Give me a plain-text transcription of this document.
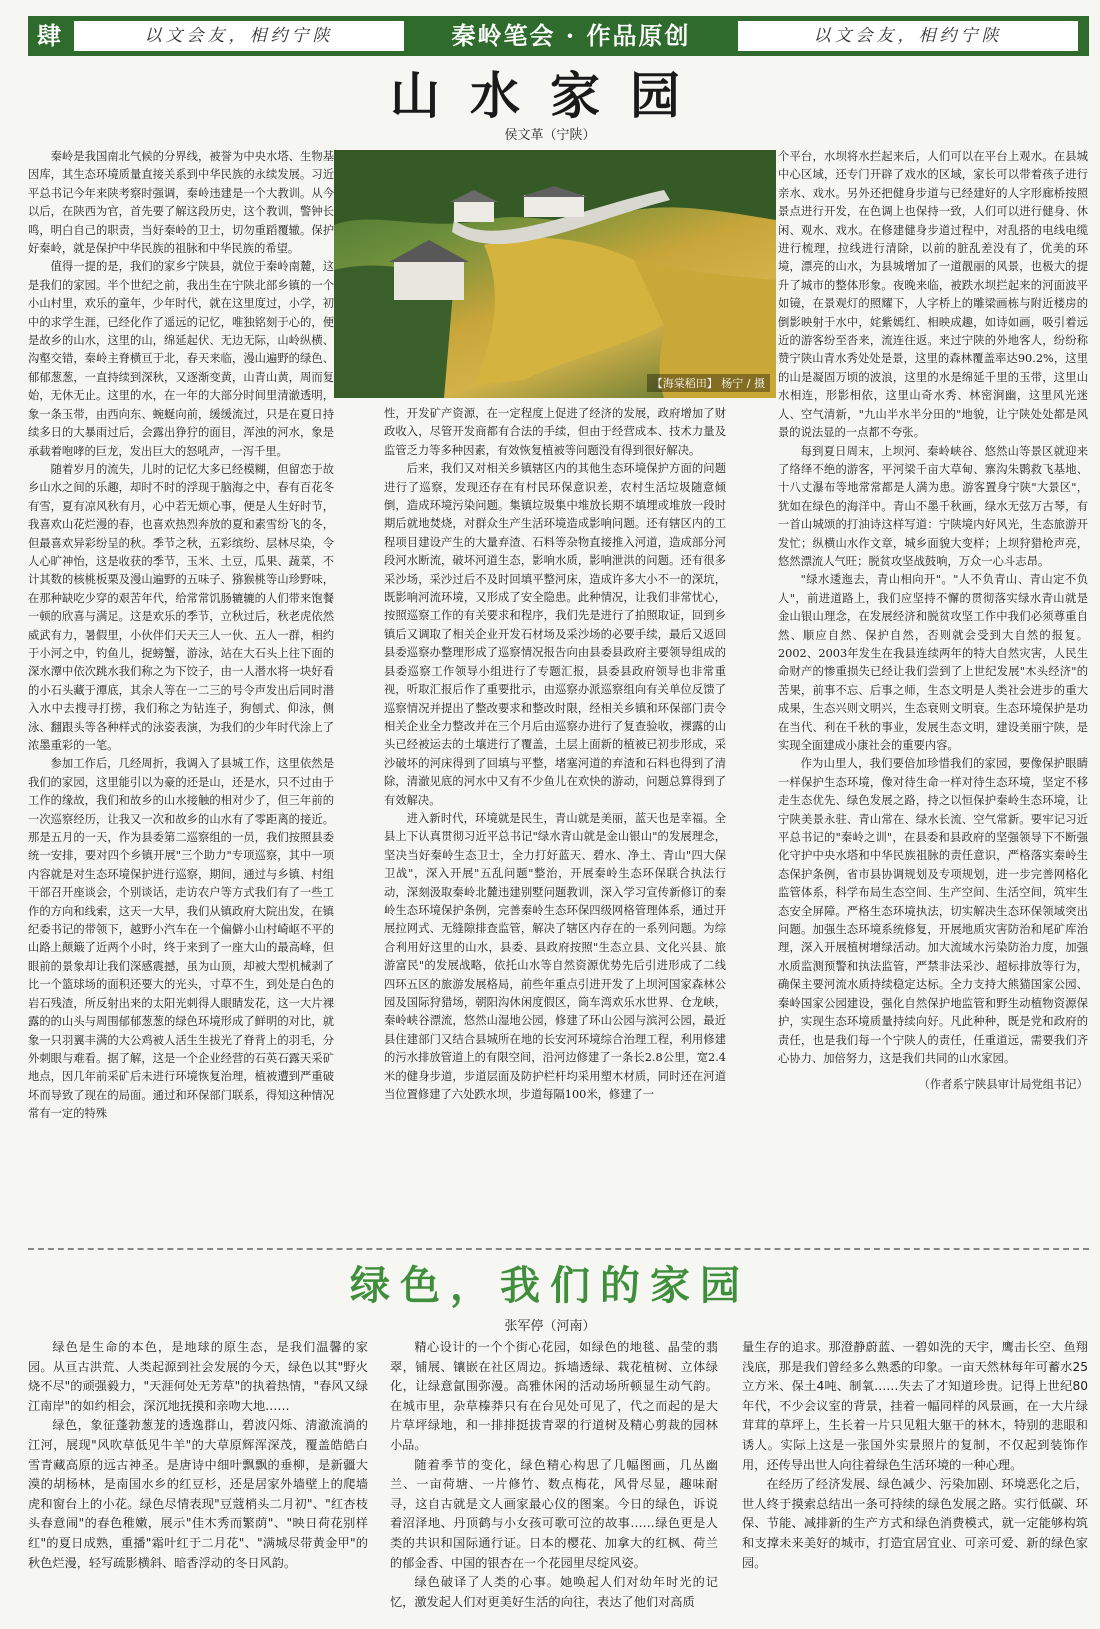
肆	以文会友，相约宁陕	秦岭笔会 · 作品原创	以文会友，相约宁陕
山水家园
侯文革（宁陕）
【海棠稻田】 杨宁 / 摄

秦岭是我国南北气候的分界线，被誉为中央水塔、生物基因库，其生态环境质量直接关系到中华民族的永续发展。习近平总书记今年来陕考察时强调，秦岭违建是一个大教训。从今以后，在陕西为官，首先要了解这段历史，这个教训，警钟长鸣，明白自己的职责，当好秦岭的卫士，切勿重蹈覆辙。保护好秦岭，就是保护中华民族的祖脉和中华民族的希望。

值得一提的是，我们的家乡宁陕县，就位于秦岭南麓，这是我们的家园。半个世纪之前，我出生在宁陕北部乡镇的一个小山村里，欢乐的童年，少年时代，就在这里度过，小学，初中的求学生涯，已经化作了遥远的记忆，唯独铭刻于心的，便是故乡的山水，这里的山，绵延起伏、无边无际，山岭纵横、沟壑交错，秦岭主脊横亘于北，春天来临，漫山遍野的绿色、郁郁葱葱，一直持续到深秋，又逐渐变黄，山青山黄，周而复始，无休无止。这里的水，在一年的大部分时间里清澈透明，象一条玉带，由西向东、蜿蜒向前，缓缓流过，只是在夏日持续多日的大暴雨过后，会露出狰狞的面目，浑浊的河水，象是承载着咆哮的巨龙，发出巨大的怒吼声，一泻千里。

随着岁月的流失，儿时的记忆大多已经模糊，但留恋于故乡山水之间的乐趣，却时不时的浮现于脑海之中，春有百花冬有雪，夏有凉风秋有月，心中若无烦心事，便是人生好时节，我喜欢山花烂漫的春，也喜欢热烈奔放的夏和素雪纷飞的冬，但最喜欢异彩纷呈的秋。季节之秋，五彩缤纷、层林尽染，令人心旷神怡，这是收获的季节，玉米、土豆，瓜果、蔬菜，不计其数的核桃板栗及漫山遍野的五味子、猕猴桃等山珍野味，在那种缺吃少穿的艰苦年代，给常常饥肠辘辘的人们带来饱餐一顿的欣喜与满足。这是欢乐的季节，立秋过后，秋老虎依然威武有力，暑假里，小伙伴们天天三人一伙、五人一群，相约于小河之中，钓鱼儿，捉螃蟹，游泳，站在大石头上往下面的深水潭中依次跳水我们称之为下饺子，由一人潜水将一块好看的小石头藏于潭底，其余人等在一二三的号令声发出后同时潜入水中去搜寻打捞，我们称之为钻连子，狗刨式、仰泳，侧泳、翻跟头等各种样式的泳姿表演，为我们的少年时代涂上了浓墨重彩的一笔。

参加工作后，几经周折，我调入了县城工作，这里依然是我们的家园，这里能引以为豪的还是山，还是水，只不过由于工作的缘故，我们和故乡的山水接触的相对少了，但三年前的一次巡察经历，让我又一次和故乡的山水有了零距离的接近。那是五月的一天，作为县委第二巡察组的一员，我们按照县委统一安排，要对四个乡镇开展"三个助力"专项巡察，其中一项内容就是对生态环境保护进行巡察，期间，通过与乡镇、村组干部召开座谈会，个别谈话，走访农户等方式我们有了一些工作的方向和线索，这天一大早，我们从镇政府大院出发，在镇纪委书记的带领下，越野小汽车在一个偏僻小山村崎岖不平的山路上颠簸了近两个小时，终于来到了一座大山的最高峰，但眼前的景象却让我们深感震撼，虽为山顶，却被大型机械剥了比一个篮球场的面积还要大的光头，寸草不生，到处是白色的岩石残渣，所反射出来的太阳光刺得人眼睛发花，这一大片裸露的的山头与周围郁郁葱葱的绿色环境形成了鲜明的对比，就象一只羽翼丰满的大公鸡被人活生生拔光了脊背上的羽毛，分外刺眼与难看。据了解，这是一个企业经营的石英石露天采矿地点，因几年前采矿后未进行环境恢复治理，植被遭到严重破坏而导致了现在的局面。通过和环保部门联系，得知这种情况常有一定的特殊

性，开发矿产资源，在一定程度上促进了经济的发展，政府增加了财政收入，尽管开发商都有合法的手续，但由于经营成本、技术力量及监管乏力等多种因素，有效恢复植被等问题没有得到很好解决。

后来，我们又对相关乡镇辖区内的其他生态环境保护方面的问题进行了巡察，发现还存在有村民环保意识差，农村生活垃圾随意倾倒，造成环境污染问题。集镇垃圾集中堆放长期不填埋或堆放一段时期后就地焚烧，对群众生产生活环境造成影响问题。还有辖区内的工程项目建设产生的大量弃渣、石料等杂物直接推入河道，造成部分河段河水断流，破坏河道生态，影响水质，影响泄洪的问题。还有很多采沙场，采沙过后不及时回填平整河床，造成许多大小不一的深坑，既影响河流环境，又形成了安全隐患。此种情况，让我们非常忧心，按照巡察工作的有关要求和程序，我们先是进行了拍照取证，回到乡镇后又调取了相关企业开发石材场及采沙场的必要手续，最后又返回县委巡察办整理形成了巡察情况报告向由县委县政府主要领导组成的县委巡察工作领导小组进行了专题汇报，县委县政府领导也非常重视，听取汇报后作了重要批示，由巡察办派巡察组向有关单位反馈了巡察情况并提出了整改要求和整改时限，经相关乡镇和环保部门责令相关企业全力整改并在三个月后由巡察办进行了复查验收，裸露的山头已经被运去的土壤进行了覆盖，土层上面新的植被已初步形成，采沙破坏的河床得到了回填与平整，堵塞河道的弃渣和石料也得到了清除，清澈见底的河水中又有不少鱼儿在欢快的游动，问题总算得到了有效解决。

进入新时代，环境就是民生，青山就是美丽，蓝天也是幸福。全县上下认真贯彻习近平总书记"绿水青山就是金山银山"的发展理念，坚决当好秦岭生态卫士，全力打好蓝天、碧水、净土、青山"四大保卫战"，深入开展"五乱问题"整治，开展秦岭生态环保联合执法行动，深刻汲取秦岭北麓违建别墅问题教训，深入学习宣传新修订的秦岭生态环境保护条例，完善秦岭生态环保四级网格管理体系，通过开展拉网式、无缝隙排查监管，解决了辖区内存在的一系列问题。为综合利用好这里的山水，县委、县政府按照"生态立县、文化兴县、旅游富民"的发展战略，依托山水等自然资源优势先后引进形成了二线四环五区的旅游发展格局，前些年重点引进开发了上坝河国家森林公园及国际狩猎场，朝阳沟休闲度假区，筒车湾欢乐水世界、仓龙峡，秦岭峡谷漂流，悠然山湿地公园，修建了环山公园与滨河公园，最近县住建部门又结合县城所在地的长安河环境综合治理工程，利用修建的污水排放管道上的有限空间，沿河边修建了一条长2.8公里，宽2.4米的健身步道，步道层面及防护栏杆均采用塑木材质，同时还在河道当位置修建了六处跌水坝，步道每隔100米，修建了一

个平台，水坝将水拦起来后，人们可以在平台上观水。在县城中心区域，还专门开辟了戏水的区域，家长可以带着孩子进行亲水、戏水。另外还把健身步道与已经建好的人字形廊桥按照景点进行开发，在色调上也保持一致，人们可以进行健身、休闲、观水、戏水。在修建健身步道过程中，对乱搭的电线电缆进行梳理，拉线进行清除，以前的脏乱差没有了，优美的环境，漂亮的山水，为县城增加了一道靓丽的风景，也极大的提升了城市的整体形象。夜晚来临，被跌水坝拦起来的河面波平如镜，在景观灯的照耀下，人字桥上的雕梁画栋与附近楼房的倒影映射于水中，姹紫嫣红、相映成趣，如诗如画，吸引着远近的游客纷至沓来，流连往返。来过宁陕的外地客人，纷纷称赞宁陕山青水秀处处是景，这里的森林覆盖率达90.2%，这里的山是凝固万顷的波浪，这里的水是绵延千里的玉带，这里山水相连，形影相依，这里山奇水秀、林密涧幽，这里风光迷人、空气清新，"九山半水半分田的"地貌，让宁陕处处都是风景的说法显的一点都不夸张。

每到夏日周末，上坝河、秦岭峡谷、悠然山等景区就迎来了络绎不绝的游客，平河梁千亩大草甸、寨沟朱鹮救飞基地、十八丈瀑布等地常常都是人满为患。游客置身宁陕"大景区"，犹如在绿色的海洋中。青山不墨千秋画，绿水无弦万古琴，有一首山城颂的打油诗这样写道：宁陕境内好风光，生态旅游开发忙；纵横山水作文章，城乡面貌大变样；上坝狩猎枪声亮，悠然漂流人气旺；脱贫攻坚战鼓响，万众一心斗志昂。

"绿水逶迤去，青山相向开"。"人不负青山、青山定不负人"，前进道路上，我们应坚持不懈的贯彻落实绿水青山就是金山银山理念，在发展经济和脱贫攻坚工作中我们必须尊重自然、顺应自然、保护自然，否则就会受到大自然的报复。2002、2003年发生在我县连续两年的特大自然灾害，人民生命财产的惨重损失已经让我们尝到了上世纪发展"木头经济"的苦果，前事不忘、后事之师，生态文明是人类社会进步的重大成果，生态兴则文明兴，生态衰则文明衰。生态环境保护是功在当代、利在千秋的事业，发展生态文明，建设美丽宁陕，是实现全面建成小康社会的重要内容。

作为山里人，我们要倍加珍惜我们的家园，要像保护眼睛一样保护生态环境，像对待生命一样对待生态环境，坚定不移走生态优先、绿色发展之路，持之以恒保护秦岭生态环境，让宁陕美景永驻、青山常在、绿水长流、空气常新。要牢记习近平总书记的"秦岭之训"，在县委和县政府的坚强领导下不断强化守护中央水塔和中华民族祖脉的责任意识，严格落实秦岭生态保护条例，省市县协调规划及专项规划，进一步完善网格化监管体系，科学布局生态空间、生产空间、生活空间，筑牢生态安全屏障。严格生态环境执法，切实解决生态环保领域突出问题。加强生态环境系统修复，开展地质灾害防治和尾矿库治理，深入开展植树增绿活动。加大流域水污染防治力度，加强水质监测预警和执法监管，严禁非法采沙、超标排放等行为，确保主要河流水质持续稳定达标。全力支持大熊猫国家公园、秦岭国家公园建设，强化自然保护地监管和野生动植物资源保护，实现生态环境质量持续向好。凡此种种，既是党和政府的责任，也是我们每一个宁陕人的责任，任重道远，需要我们齐心协力、加倍努力，这是我们共同的山水家园。

（作者系宁陕县审计局党组书记）

绿色，我们的家园
张军停（河南）

绿色是生命的本色，是地球的原生态，是我们温馨的家园。从亘古洪荒、人类起源到社会发展的今天，绿色以其"野火烧不尽"的顽强毅力，"天涯何处无芳草"的执着热情，"春风又绿江南岸"的如约相会，深沉地抚摸和亲吻大地……

绿色，象征蓬勃葱茏的透逸群山，碧波闪烁、清澈流淌的江河，展现"风吹草低见牛羊"的大草原辉浑深茂，覆盖皓皓白雪青藏高原的远古神圣。是唐诗中细叶飘飘的垂柳，是新疆大漠的胡杨林，是南国水乡的红豆杉，还是居家外墙壁上的爬墙虎和窗台上的小花。绿色尽情表现"豆蔻梢头二月初"、"红杏枝头春意闹"的春色稚嫩，展示"佳木秀而繁荫"、"映日荷花别样红"的夏日成熟，重播"霜叶红于二月花"、"满城尽带黄金甲"的秋色烂漫，轻写疏影横斜、暗香浮动的冬日风韵。

精心设计的一个个街心花园，如绿色的地毯、晶莹的翡翠，铺展、镶嵌在社区周边。拆墙透绿、栽花植树、立体绿化，让绿意氤围弥漫。高雅休闲的活动场所顿显生动气韵。在城市里，杂草榛莽只有在台见处可见了，代之而起的是大片草坪绿地，和一排排挺拔青翠的行道树及精心剪裁的园林小品。

随着季节的变化，绿色精心构思了几幅图画，几丛幽兰、一亩荷塘、一片修竹、数点梅花，风骨尽显，趣味耐寻，这自古就是文人画家最心仪的图案。今日的绿色，诉说着沼泽地、丹顶鹤与小女孩可歌可泣的故事……绿色更是人类的共识和国际通行证。日本的樱花、加拿大的红枫、荷兰的郁金香、中国的银杏在一个花园里尽绽风姿。

绿色破译了人类的心事。她唤起人们对幼年时光的记忆，激发起人们对更美好生活的向往，表达了他们对高质

量生存的追求。那澄静蔚蓝、一碧如洗的天宇，鹰击长空、鱼翔浅底，那是我们曾经多么熟悉的印象。一亩天然林每年可蓄水25立方米、保土4吨、制氧……失去了才知道珍贵。记得上世纪80年代，不少会议室的背景，挂着一幅同样的风景画，在一大片绿茸茸的草坪上，生长着一片只见粗大躯干的林木，特别的悲眼和诱人。实际上这是一张国外实景照片的复制，不仅起到装饰作用，还传导出世人向往着绿色生活环境的一种心理。

在经历了经济发展、绿色减少、污染加剧、环境恶化之后，世人终于摸索总结出一条可持续的绿色发展之路。实行低碳、环保、节能、减排新的生产方式和绿色消费模式，就一定能够构筑和支撑未来美好的城市，打造宜居宜业、可亲可爱、新的绿色家园。
